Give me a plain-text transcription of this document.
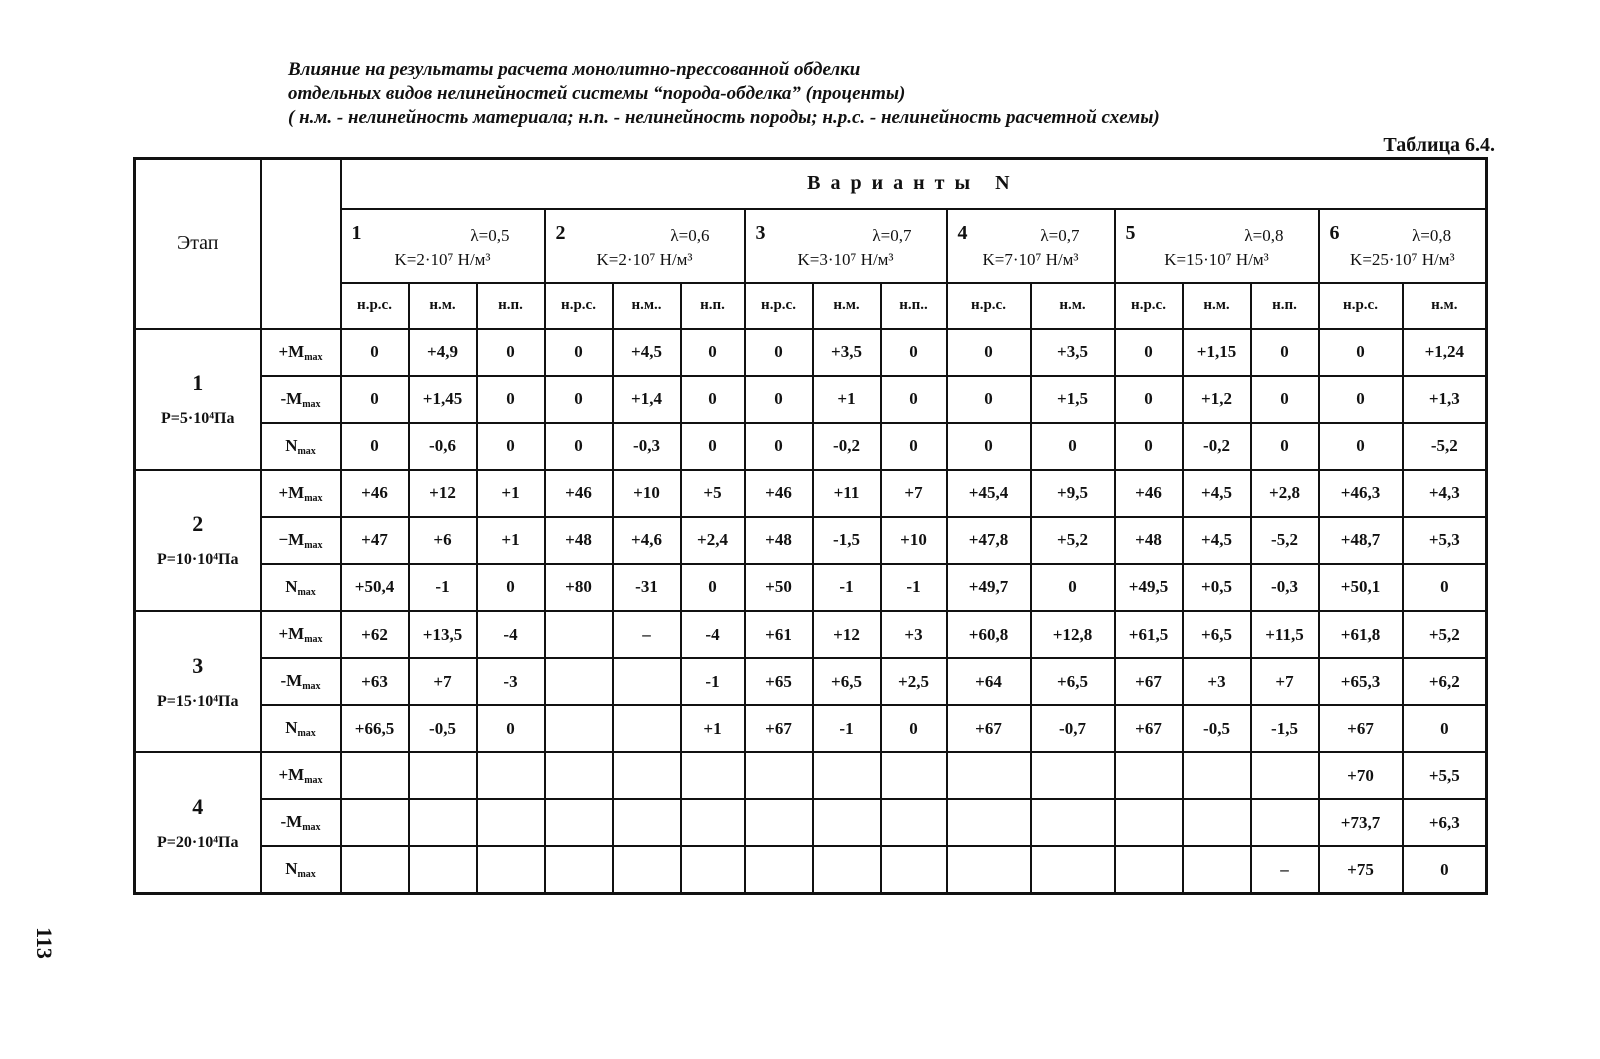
Влияние на результаты расчета монолитно-прессованной обделки
отдельных видов нелинейностей системы “порода-обделка” (проценты)
( н.м. - нелинейность материала; н.п. - нелинейность породы; н.р.с. - нелинейность расчетной схемы)
Таблица 6.4.
Этап		Варианты N															

		1 λ=0,5
K=2·10⁷ Н/м³			2 λ=0,6
K=2·10⁷ Н/м³			3 λ=0,7
K=3·10⁷ Н/м³			4 λ=0,7
K=7·10⁷ Н/м³		5 λ=0,8
K=15·10⁷ Н/м³			6 λ=0,8
K=25·10⁷ Н/м³	

		н.р.с.	н.м.	н.п.	н.р.с.	н.м..	н.п.	н.р.с.	н.м.	н.п..	н.р.с.	н.м.	н.р.с.	н.м.	н.п.	н.р.с.	н.м.

1
P=5·10⁴Па	$+M_{max}$	0	+4,9	0	0	+4,5	0	0	+3,5	0	0	+3,5	0	+1,15	0	0	+1,24
	$-M_{max}$	0	+1,45	0	0	+1,4	0	0	+1	0	0	+1,5	0	+1,2	0	0	+1,3
	$N_{max}$	0	-0,6	0	0	-0,3	0	0	-0,2	0	0	0	0	-0,2	0	0	-5,2

2
P=10·10⁴Па	$+M_{max}$	+46	+12	+1	+46	+10	+5	+46	+11	+7	+45,4	+9,5	+46	+4,5	+2,8	+46,3	+4,3
	$-M_{max}$	+47	+6	+1	+48	+4,6	+2,4	+48	-1,5	+10	+47,8	+5,2	+48	+4,5	-5,2	+48,7	+5,3
	$N_{max}$	+50,4	-1	0	+80	-31	0	+50	-1	-1	+49,7	0	+49,5	+0,5	-0,3	+50,1	0

3
P=15·10⁴Па	$+M_{max}$	+62	+13,5	-4		–	-4	+61	+12	+3	+60,8	+12,8	+61,5	+6,5	+11,5	+61,8	+5,2
	$-M_{max}$	+63	+7	-3			-1	+65	+6,5	+2,5	+64	+6,5	+67	+3	+7	+65,3	+6,2
	$N_{max}$	+66,5	-0,5	0			+1	+67	-1	0	+67	-0,7	+67	-0,5	-1,5	+67	0

4
P=20·10⁴Па	$+M_{max}$															+70	+5,5
	$-M_{max}$															+73,7	+6,3
	$N_{max}$														–	+75	0
113
